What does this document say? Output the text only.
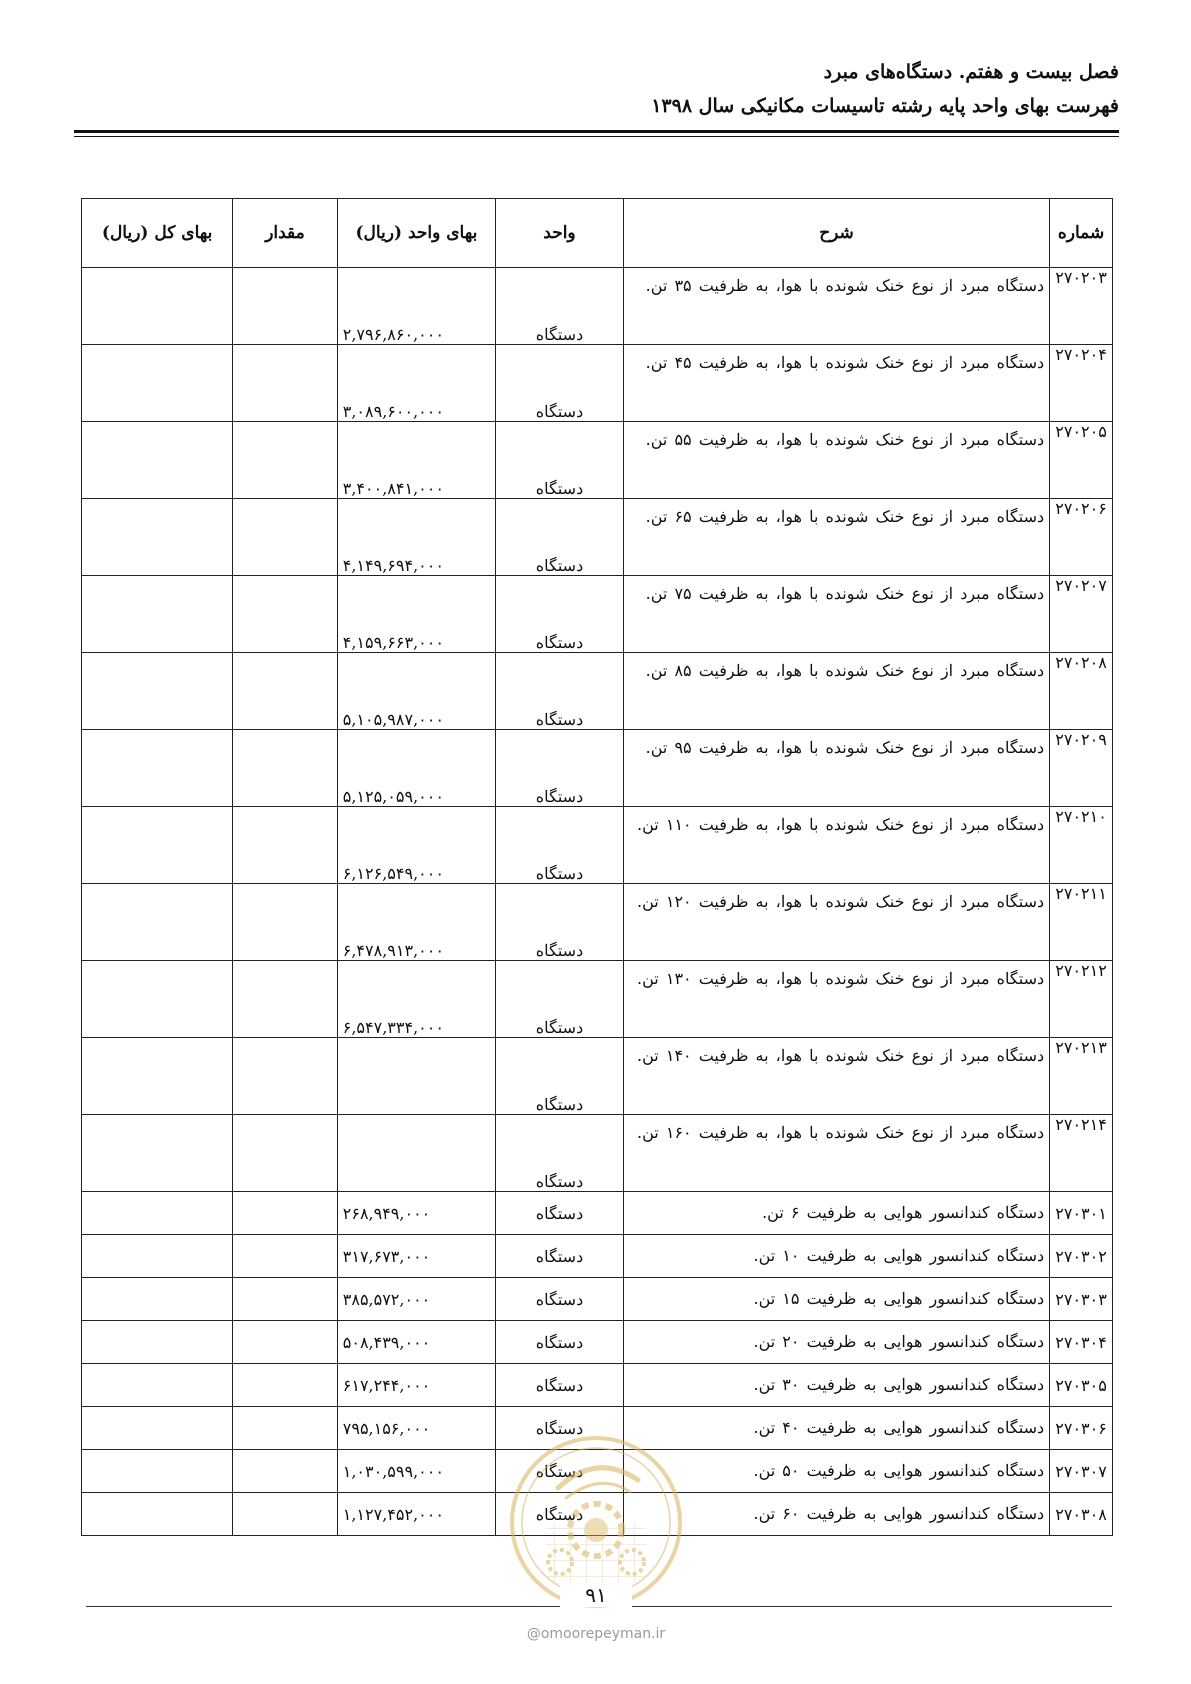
فصل بیست و هفتم. دستگاه‌های مبرد
فهرست بهای واحد پایه رشته تاسیسات مکانیکی سال ۱۳۹۸
شماره	شرح	واحد	بهای واحد (ریال)	مقدار	بهای کل (ریال)
۲۷۰۲۰۳	دستگاه مبرد از نوع خنک شونده با هوا، به ظرفیت ۳۵ تن.	دستگاه	۲,۷۹۶,۸۶۰,۰۰۰		
۲۷۰۲۰۴	دستگاه مبرد از نوع خنک شونده با هوا، به ظرفیت ۴۵ تن.	دستگاه	۳,۰۸۹,۶۰۰,۰۰۰		
۲۷۰۲۰۵	دستگاه مبرد از نوع خنک شونده با هوا، به ظرفیت ۵۵ تن.	دستگاه	۳,۴۰۰,۸۴۱,۰۰۰		
۲۷۰۲۰۶	دستگاه مبرد از نوع خنک شونده با هوا، به ظرفیت ۶۵ تن.	دستگاه	۴,۱۴۹,۶۹۴,۰۰۰		
۲۷۰۲۰۷	دستگاه مبرد از نوع خنک شونده با هوا، به ظرفیت ۷۵ تن.	دستگاه	۴,۱۵۹,۶۶۳,۰۰۰		
۲۷۰۲۰۸	دستگاه مبرد از نوع خنک شونده با هوا، به ظرفیت ۸۵ تن.	دستگاه	۵,۱۰۵,۹۸۷,۰۰۰		
۲۷۰۲۰۹	دستگاه مبرد از نوع خنک شونده با هوا، به ظرفیت ۹۵ تن.	دستگاه	۵,۱۲۵,۰۵۹,۰۰۰		
۲۷۰۲۱۰	دستگاه مبرد از نوع خنک شونده با هوا، به ظرفیت ۱۱۰ تن.	دستگاه	۶,۱۲۶,۵۴۹,۰۰۰		
۲۷۰۲۱۱	دستگاه مبرد از نوع خنک شونده با هوا، به ظرفیت ۱۲۰ تن.	دستگاه	۶,۴۷۸,۹۱۳,۰۰۰		
۲۷۰۲۱۲	دستگاه مبرد از نوع خنک شونده با هوا، به ظرفیت ۱۳۰ تن.	دستگاه	۶,۵۴۷,۳۳۴,۰۰۰		
۲۷۰۲۱۳	دستگاه مبرد از نوع خنک شونده با هوا، به ظرفیت ۱۴۰ تن.	دستگاه			
۲۷۰۲۱۴	دستگاه مبرد از نوع خنک شونده با هوا، به ظرفیت ۱۶۰ تن.	دستگاه			
۲۷۰۳۰۱	دستگاه کندانسور هوایی به ظرفیت ۶ تن.	دستگاه	۲۶۸,۹۴۹,۰۰۰		
۲۷۰۳۰۲	دستگاه کندانسور هوایی به ظرفیت ۱۰ تن.	دستگاه	۳۱۷,۶۷۳,۰۰۰		
۲۷۰۳۰۳	دستگاه کندانسور هوایی به ظرفیت ۱۵ تن.	دستگاه	۳۸۵,۵۷۲,۰۰۰		
۲۷۰۳۰۴	دستگاه کندانسور هوایی به ظرفیت ۲۰ تن.	دستگاه	۵۰۸,۴۳۹,۰۰۰		
۲۷۰۳۰۵	دستگاه کندانسور هوایی به ظرفیت ۳۰ تن.	دستگاه	۶۱۷,۲۴۴,۰۰۰		
۲۷۰۳۰۶	دستگاه کندانسور هوایی به ظرفیت ۴۰ تن.	دستگاه	۷۹۵,۱۵۶,۰۰۰		
۲۷۰۳۰۷	دستگاه کندانسور هوایی به ظرفیت ۵۰ تن.	دستگاه	۱,۰۳۰,۵۹۹,۰۰۰		
۲۷۰۳۰۸	دستگاه کندانسور هوایی به ظرفیت ۶۰ تن.	دستگاه	۱,۱۲۷,۴۵۲,۰۰۰		
۹۱
@omoorepeyman.ir
